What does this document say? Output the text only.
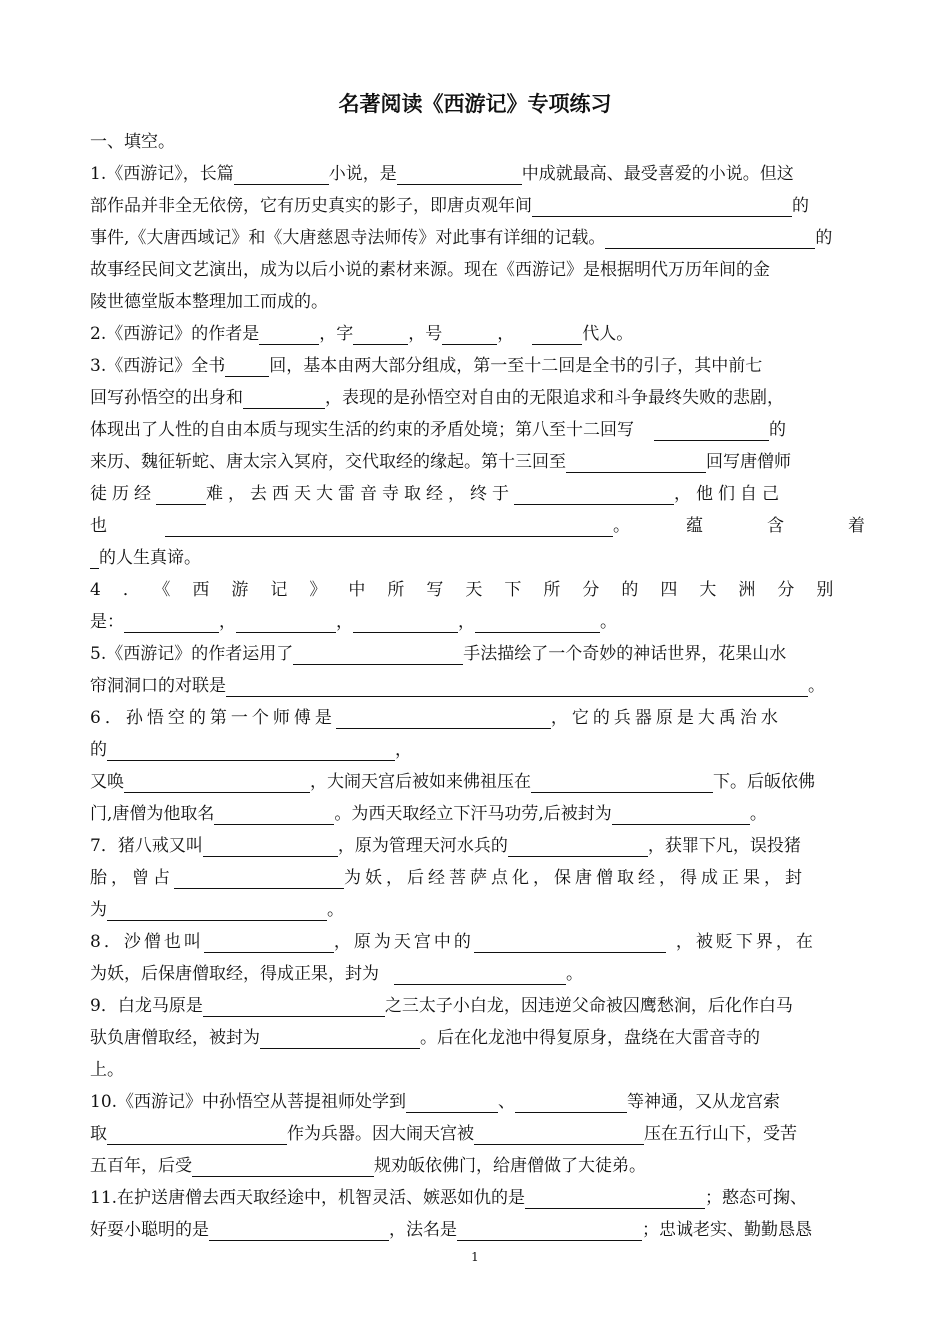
名著阅读《西游记》专项练习
一、填空。
1.《西游记》，长篇	小说，是	中成就最高、最受喜爱的小说。但这
部作品并非全无依傍，它有历史真实的影子，即唐贞观年间	的
事件,《大唐西域记》和《大唐慈恩寺法师传》对此事有详细的记载。	的
故事经民间文艺演出，成为以后小说的素材来源。现在《西游记》是根据明代万历年间的金
陵世德堂版本整理加工而成的。
2.《西游记》的作者是	，字	，号	，	代人。
3.《西游记》全书	回，基本由两大部分组成，第一至十二回是全书的引子，其中前七
回写孙悟空的出身和	，表现的是孙悟空对自由的无限追求和斗争最终失败的悲剧，
体现出了人性的自由本质与现实生活的约束的矛盾处境；第八至十二回写	的
来历、魏征斩蛇、唐太宗入冥府，交代取经的缘起。第十三回至	回写唐僧师
徒历经	难，去西天大雷音寺取经，终于	，他们自己
也	。	蕴	含	着
的人生真谛。
4．《西游记》中所写天下所分的四大洲分别
是：	，	，	，	。
5.《西游记》的作者运用了	手法描绘了一个奇妙的神话世界，花果山水
帘洞洞口的对联是	。
6．孙悟空的第一个师傅是	，它的兵器原是大禹治水
的	，
又唤	，大闹天宫后被如来佛祖压在	下。后皈依佛
门,唐僧为他取名	。为西天取经立下汗马功劳,后被封为	。
7．猪八戒又叫	，原为管理天河水兵的	，获罪下凡，误投猪
胎，曾占	为妖，后经菩萨点化，保唐僧取经，得成正果，封
为	。
8．沙僧也叫	，原为天宫中的	，被贬下界，在
为妖，后保唐僧取经，得成正果，封为	。
9．白龙马原是	之三太子小白龙，因违逆父命被囚鹰愁涧，后化作白马
驮负唐僧取经，被封为	。后在化龙池中得复原身，盘绕在大雷音寺的
上。
10.《西游记》中孙悟空从菩提祖师处学到	、	等神通，又从龙宫索
取	作为兵器。因大闹天宫被	压在五行山下，受苦
五百年，后受	规劝皈依佛门，给唐僧做了大徒弟。
11.在护送唐僧去西天取经途中，机智灵活、嫉恶如仇的是	；憨态可掬、
好耍小聪明的是	，法名是	；忠诚老实、勤勤恳恳
1
